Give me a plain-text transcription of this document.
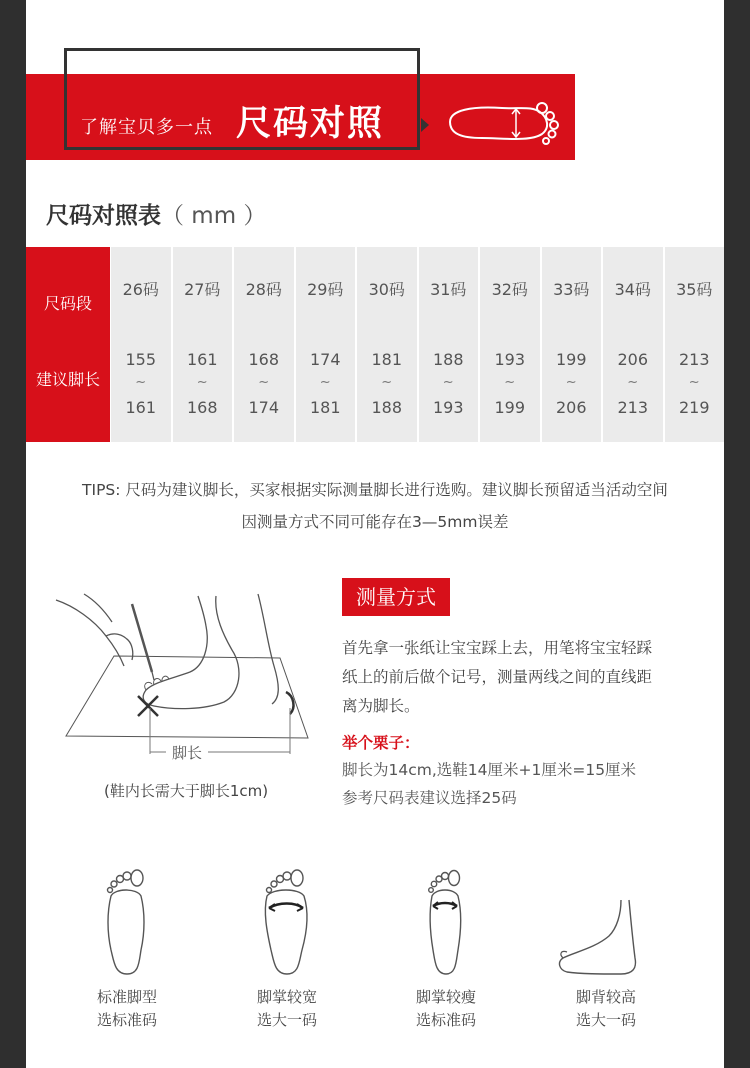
了解宝贝多一点 尺码对照
尺码对照表（ mm ）
尺码段
建议脚长
26码
155
~
161
27码
161
~
168
28码
168
~
174
29码
174
~
181
30码
181
~
188
31码
188
~
193
32码
193
~
199
33码
199
~
206
34码
206
~
213
35码
213
~
219
TIPS: 尺码为建议脚长，买家根据实际测量脚长进行选购。建议脚长预留适当活动空间
因测量方式不同可能存在3—5mm误差
脚长
(鞋内长需大于脚长1cm)
测量方式
首先拿一张纸让宝宝踩上去，用笔将宝宝轻踩
纸上的前后做个记号，测量两线之间的直线距
离为脚长。
举个栗子：
脚长为14cm,选鞋14厘米+1厘米=15厘米
参考尺码表建议选择25码
标准脚型
选标准码
脚掌较宽
选大一码
脚掌较瘦
选标准码
脚背较高
选大一码
